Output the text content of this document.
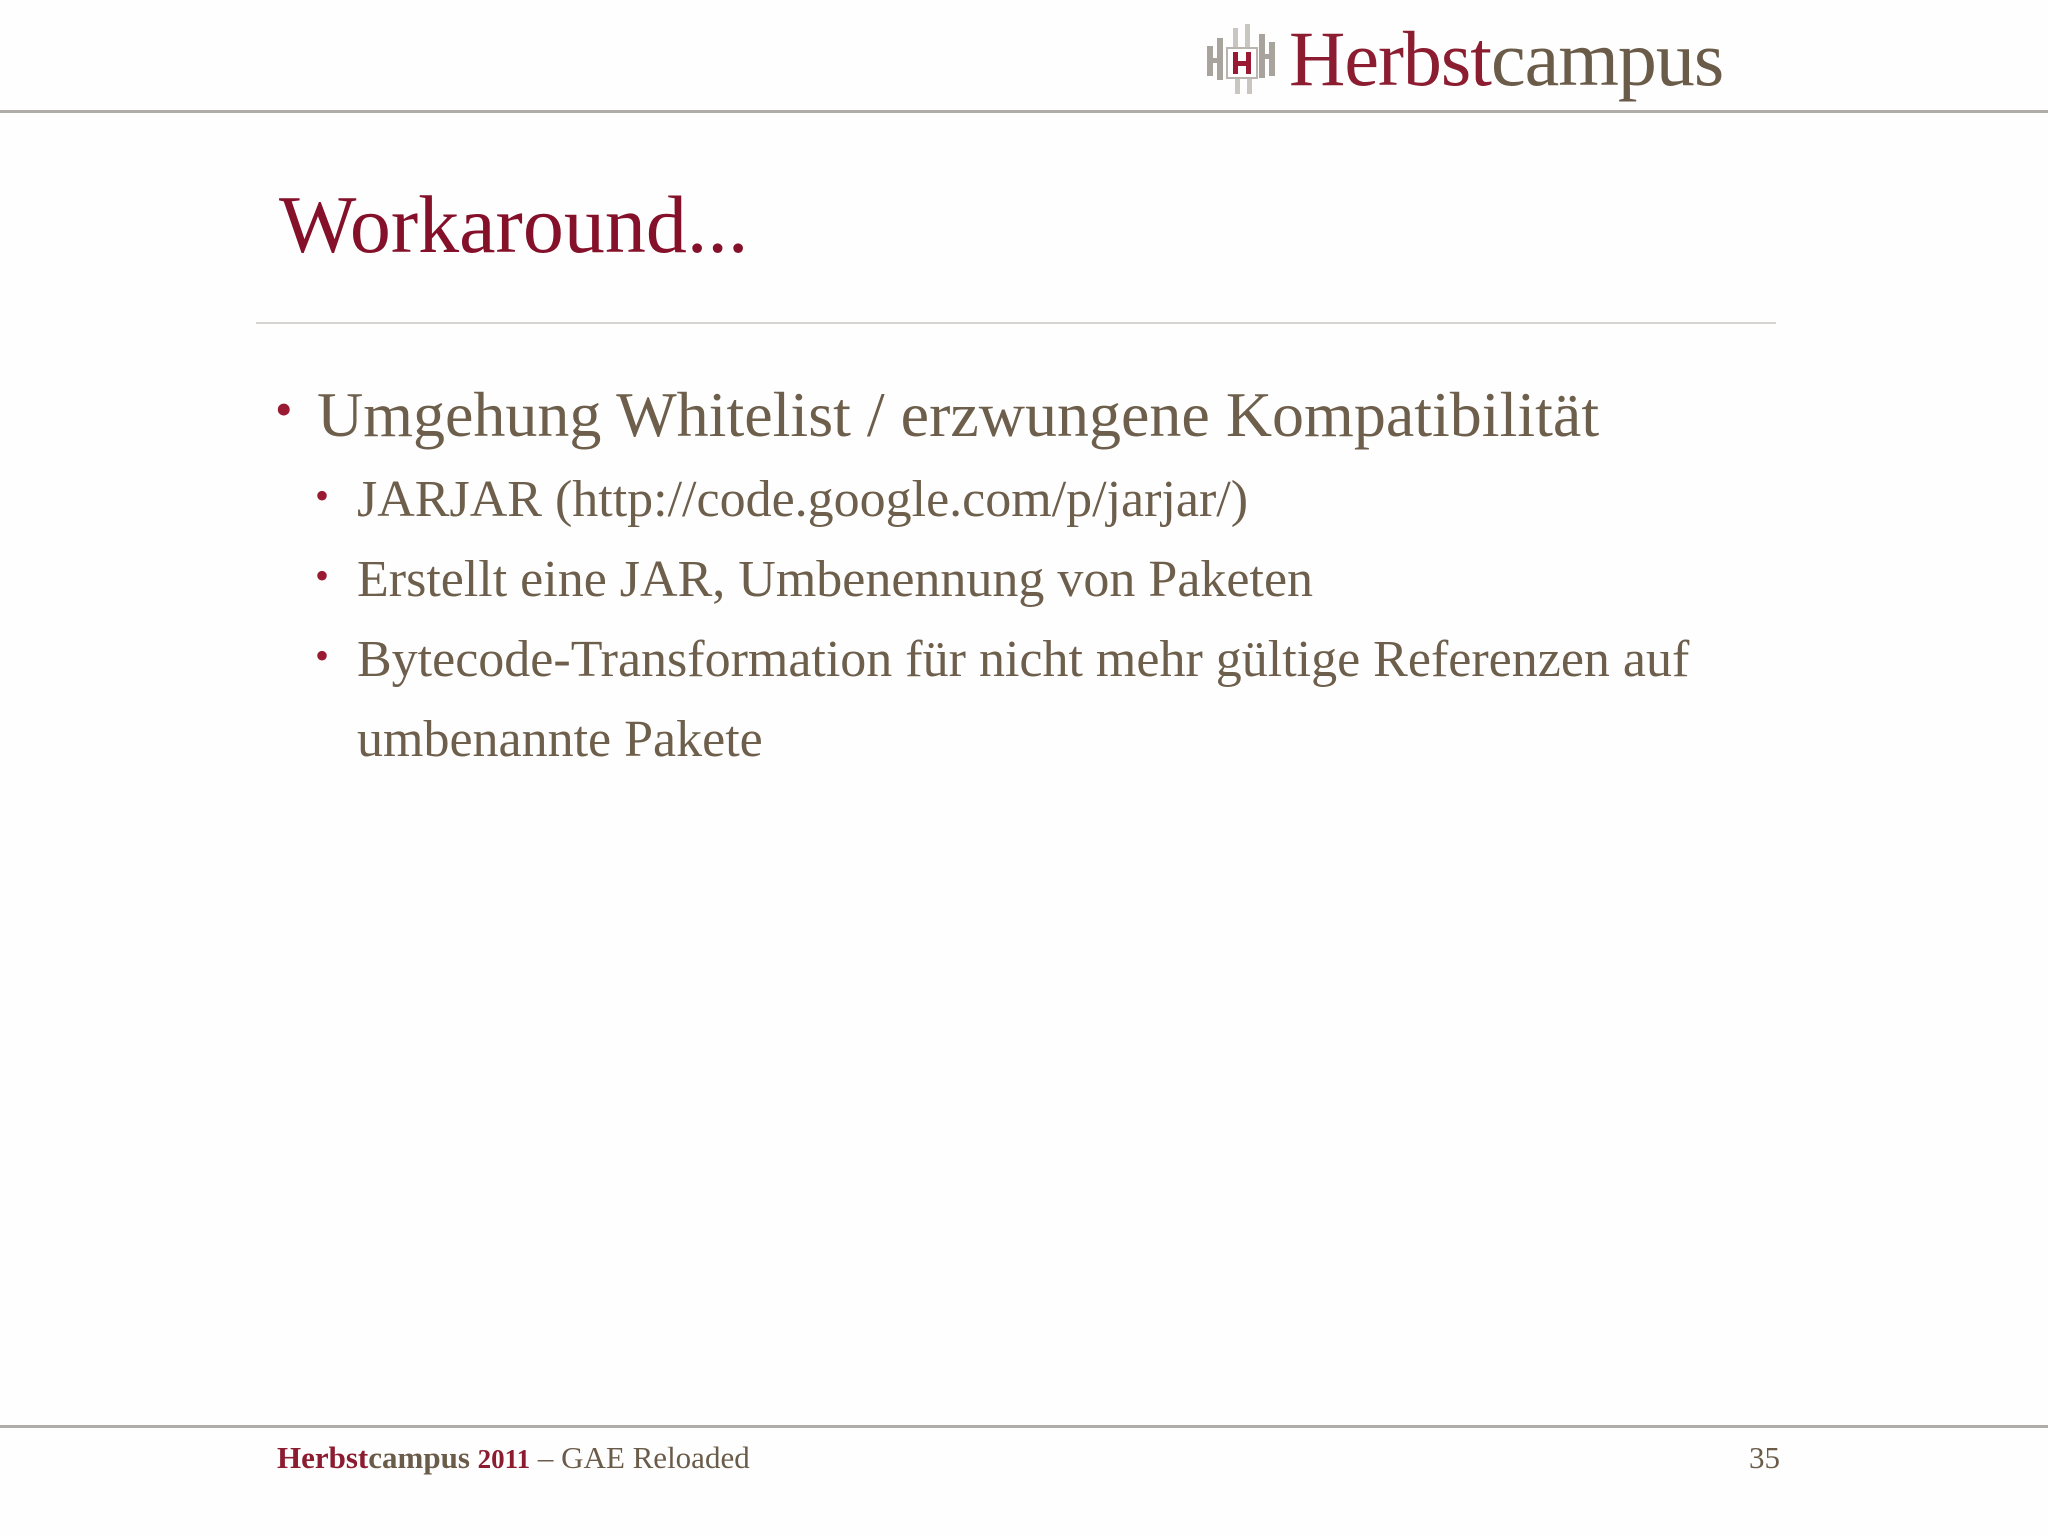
Herbstcampus
Workaround...
• Umgehung Whitelist / erzwungene Kompatibilität
• JARJAR (http://code.google.com/p/jarjar/)
• Erstellt eine JAR, Umbenennung von Paketen
• Bytecode-Transformation für nicht mehr gültige Referenzen auf umbenannte Pakete
Herbstcampus 2011 – GAE Reloaded	35
